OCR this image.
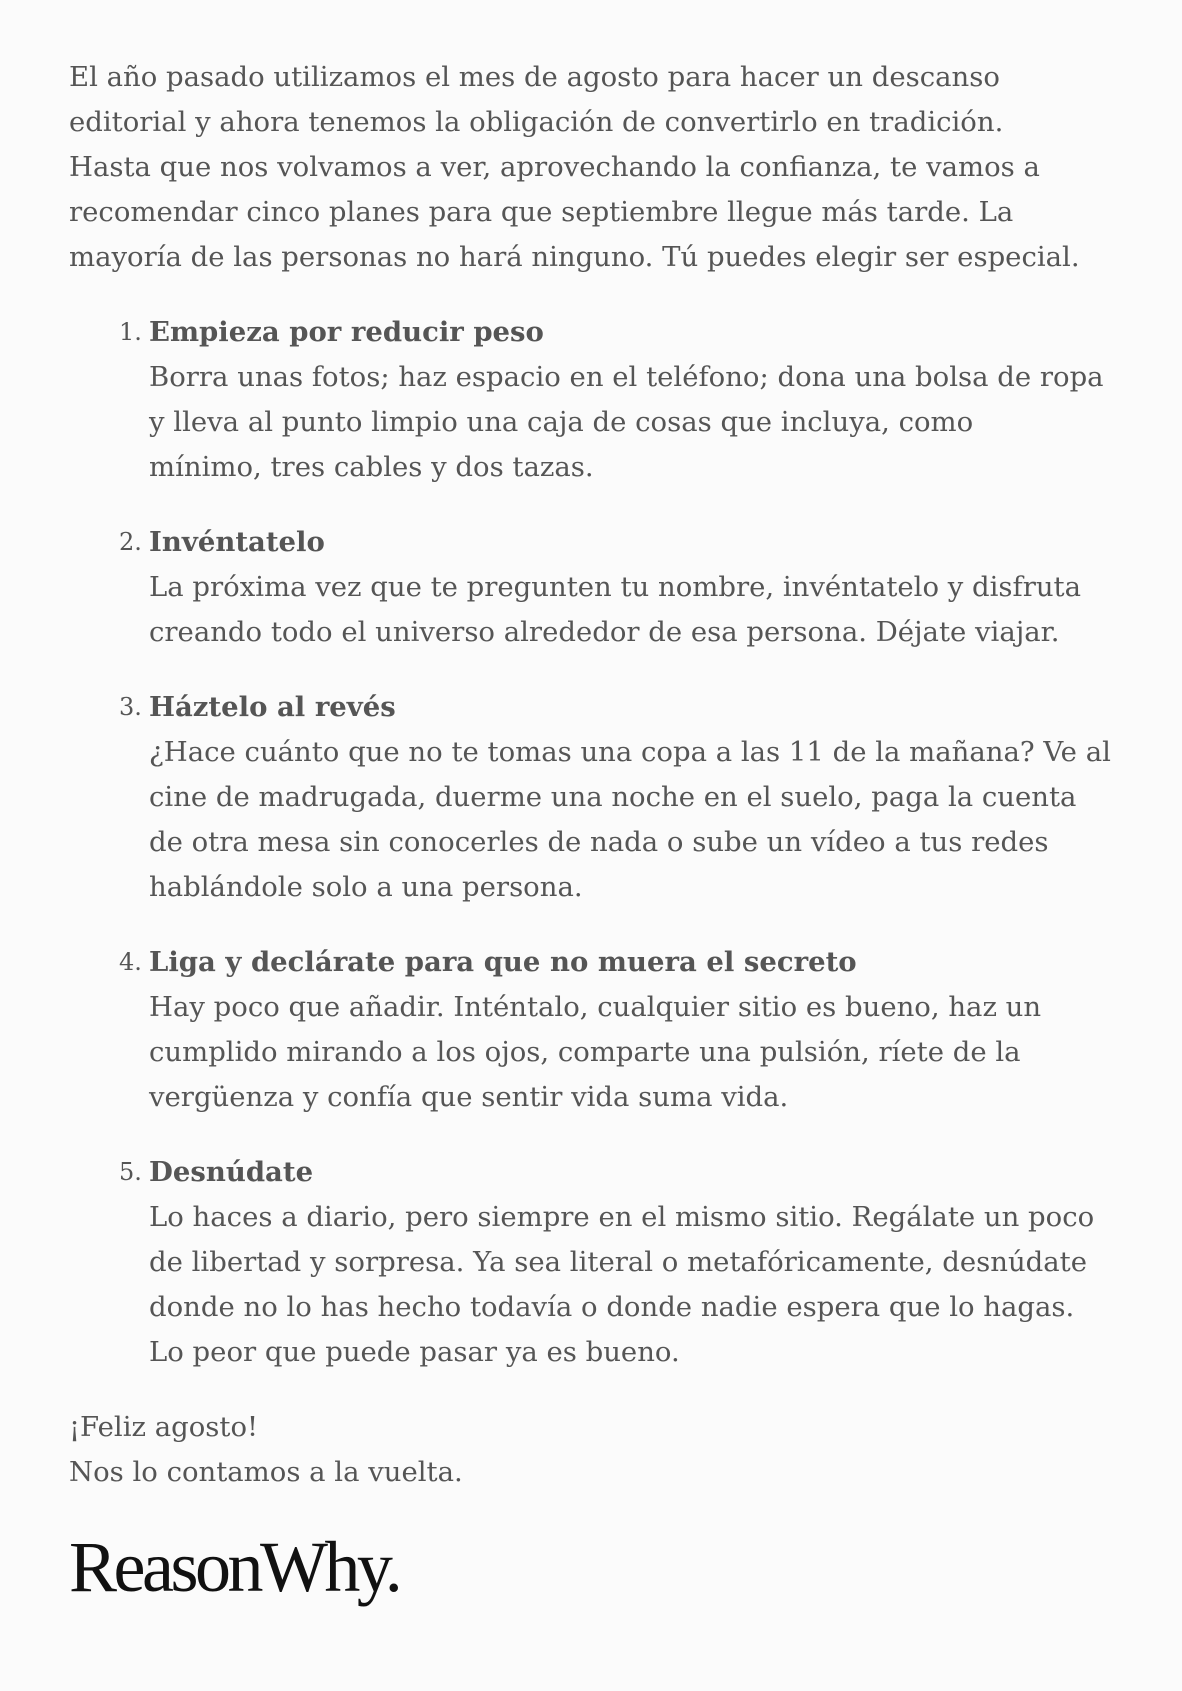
El año pasado utilizamos el mes de agosto para hacer un descanso
editorial y ahora tenemos la obligación de convertirlo en tradición.
Hasta que nos volvamos a ver, aprovechando la confianza, te vamos a
recomendar cinco planes para que septiembre llegue más tarde. La
mayoría de las personas no hará ninguno. Tú puedes elegir ser especial.

1. Empieza por reducir peso
Borra unas fotos; haz espacio en el teléfono; dona una bolsa de ropa
y lleva al punto limpio una caja de cosas que incluya, como
mínimo, tres cables y dos tazas.
2. Invéntatelo
La próxima vez que te pregunten tu nombre, invéntatelo y disfruta
creando todo el universo alrededor de esa persona. Déjate viajar.
3. Háztelo al revés
¿Hace cuánto que no te tomas una copa a las 11 de la mañana? Ve al
cine de madrugada, duerme una noche en el suelo, paga la cuenta
de otra mesa sin conocerles de nada o sube un vídeo a tus redes
hablándole solo a una persona.
4. Liga y declárate para que no muera el secreto
Hay poco que añadir. Inténtalo, cualquier sitio es bueno, haz un
cumplido mirando a los ojos, comparte una pulsión, ríete de la
vergüenza y confía que sentir vida suma vida.
5. Desnúdate
Lo haces a diario, pero siempre en el mismo sitio. Regálate un poco
de libertad y sorpresa. Ya sea literal o metafóricamente, desnúdate
donde no lo has hecho todavía o donde nadie espera que lo hagas.
Lo peor que puede pasar ya es bueno.

¡Feliz agosto!
Nos lo contamos a la vuelta.

ReasonWhy.
